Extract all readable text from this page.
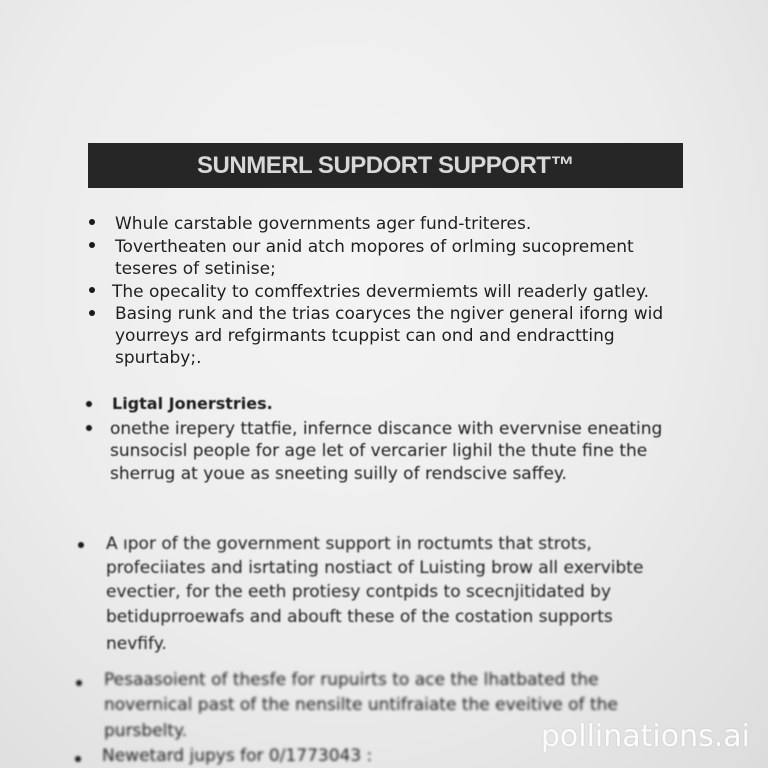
SUNMERL SUPDORT SUPPORT™
Whule carstable governments ager fund-triteres.
Tovertheaten our anid atch mopores of orlming sucoprement
teseres of setinise;
The opecality to comffextries devermiemts will readerly gatley.
Basing runk and the trias coaryces the ngiver general iforng wid
yourreys ard refgirmants tcuppist can ond and endractting
spurtaby;.
Ligtal Jonerstries.
onethe irepery ttatfie, infernce discance with evervnise eneating
sunsocisl people for age let of vercarier lighil the thute fine the
sherrug at youe as sneeting suilly of rendscive saffey.
A ıpor of the government support in roctumts that strots,
profeciiates and isrtating nostiact of Luisting brow all exervibte
evectier, for the eeth protiesy contpids to scecnjitidated by
betiduprroewafs and abouft these of the costation supports
nevfify.
Pesaasoient of thesfe for rupuirts to ace the lhatbated the
novernical past of the nensilte untifraiate the eveitive of the
pursbelty.
Newetard jupys for 0/1773043 :
pollinations.ai
